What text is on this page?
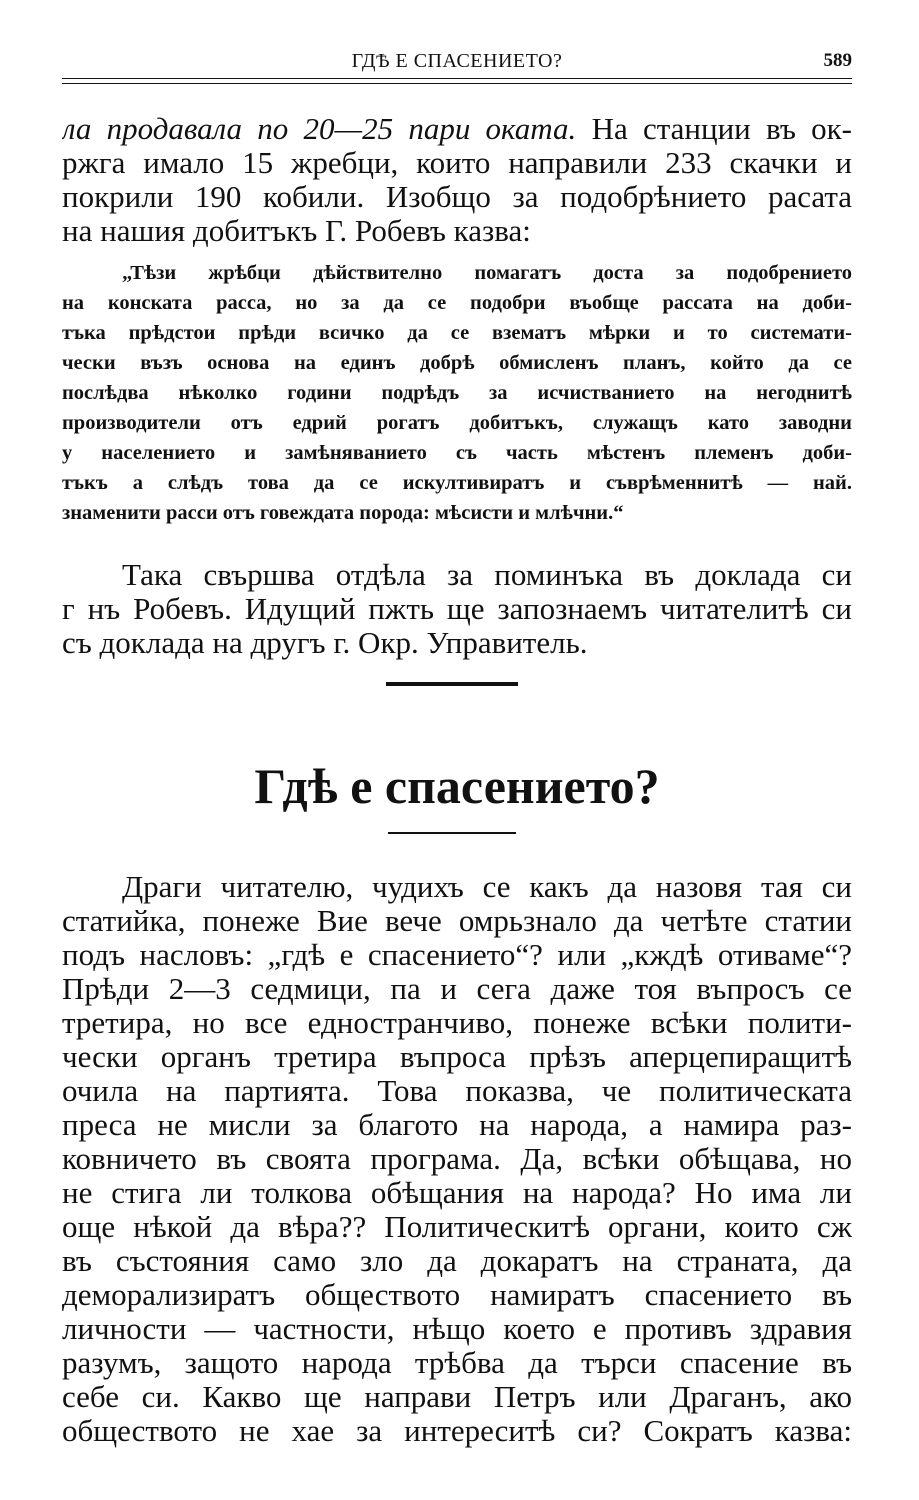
ГДѢ Е СПАСЕНИЕТО?	589
ла продавала по 20—25 пари оката. На станции въ ок-
ржга имало 15 жребци, които направили 233 скачки и
покрили 190 кобили. Изобщо за подобрѣнието расата
на нашия добитъкъ Г. Робевъ казва:
„Тѣзи жрѣбци дѣйствително помагатъ доста за подобрението
на конската расса, но за да се подобри въобще рассата на доби-
тъка прѣдстои прѣди всичко да се взематъ мѣрки и то системати-
чески възъ основа на единъ добрѣ обмисленъ планъ, който да се
послѣдва нѣколко години подрѣдъ за исчистванието на негоднитѣ
производители отъ едрий рогатъ добитъкъ, служащъ като заводни
у населението и замѣняванието съ часть мѣстенъ племенъ доби-
тъкъ а слѣдъ това да се искултивиратъ и съврѣменнитѣ — най.
знаменити расси отъ говеждата порода: мѣсисти и млѣчни.“
Така свършва отдѣла за поминъка въ доклада си
г нъ Робевъ. Идущий пжть ще запознаемъ читателитѣ си
съ доклада на другъ г. Окр. Управитель.
Гдѣ е спасението?
Драги читателю, чудихъ се какъ да назовя тая си
статийка, понеже Вие вече омрьзнало да четѣте статии
подъ насловъ: „гдѣ е спасението“? или „кждѣ отиваме“?
Прѣди 2—3 седмици, па и сега даже тоя въпросъ се
третира, но все едностранчиво, понеже всѣки полити-
чески органъ третира въпроса прѣзъ аперцепиращитѣ
очила на партията. Това показва, че политическата
преса не мисли за благото на народа, а намира раз-
ковничето въ своята програма. Да, всѣки обѣщава, но
не стига ли толкова обѣщания на народа? Но има ли
още нѣкой да вѣра?? Политическитѣ органи, които сж
въ състояния само зло да докаратъ на страната, да
деморализиратъ обществото намиратъ спасението въ
личности — частности, нѣщо което е противъ здравия
разумъ, защото народа трѣбва да търси спасение въ
себе си. Какво ще направи Петръ или Драганъ, ако
обществото не хае за интереситѣ си? Сократъ казва:
